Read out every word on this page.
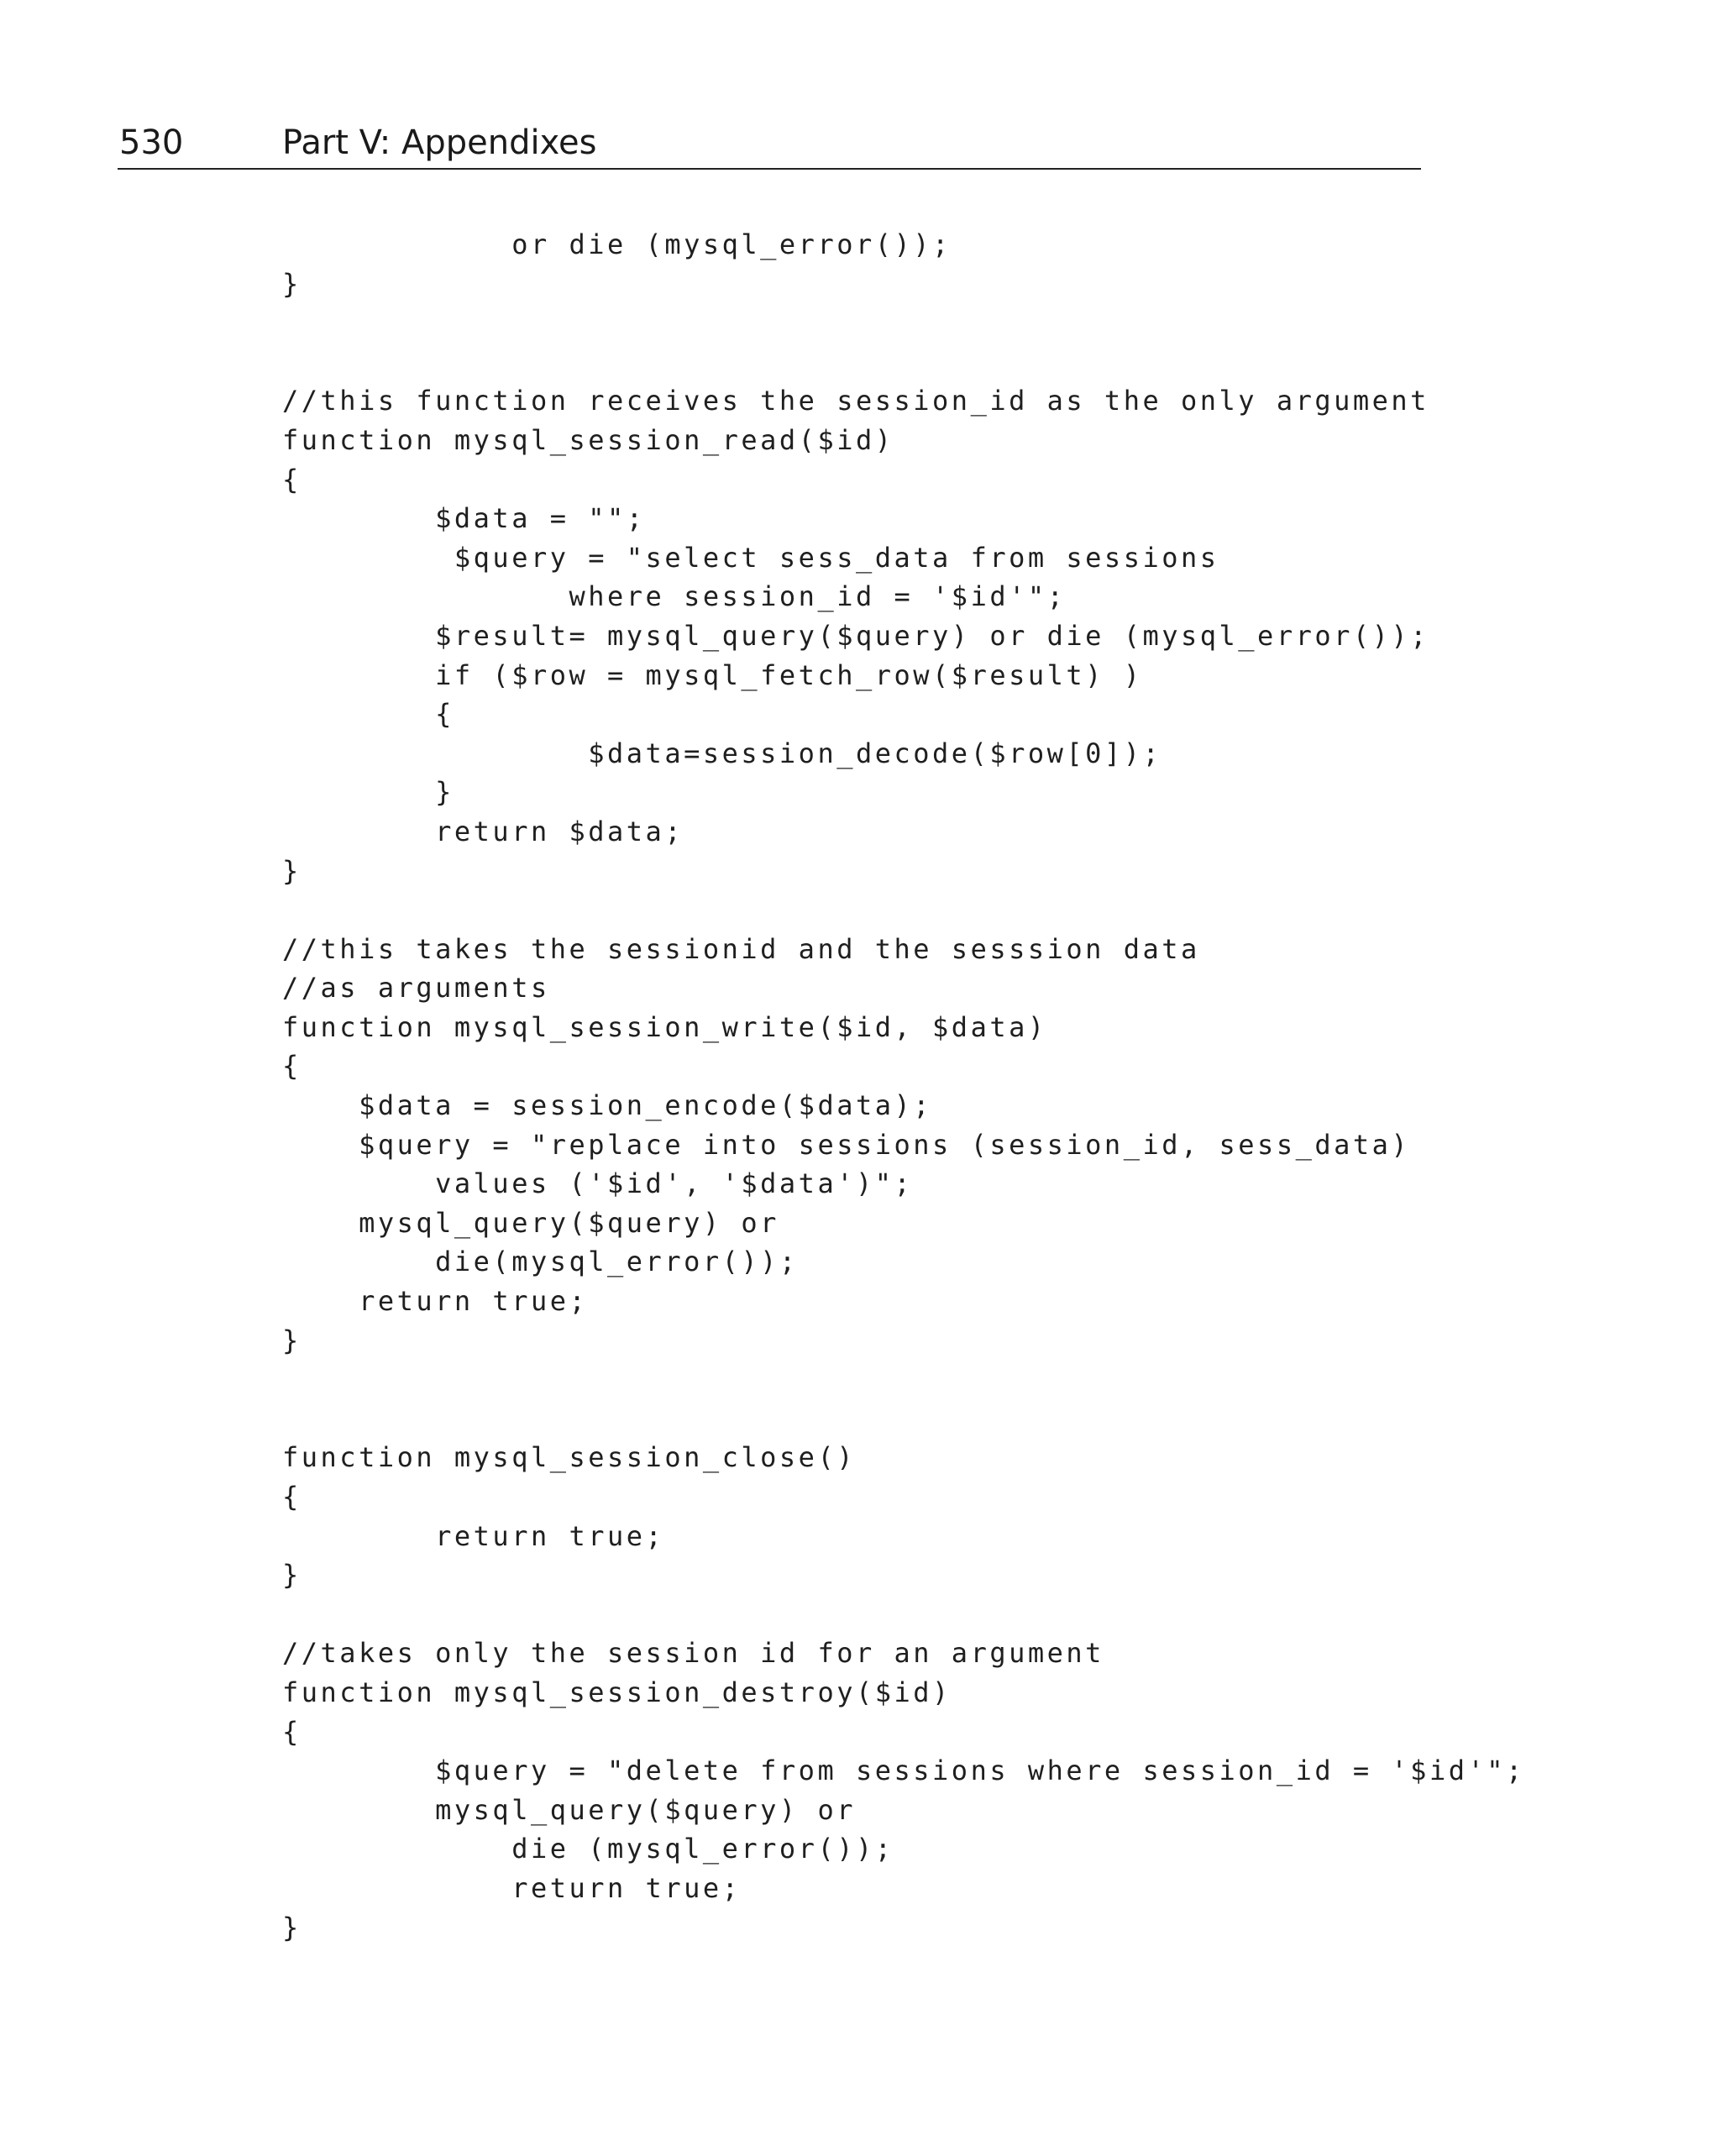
530	Part V: Appendixes
or die (mysql_error());
}
//this function receives the session_id as the only argument
function mysql_session_read($id)
{
$data = "";
$query = "select sess_data from sessions
where session_id = '$id'";
$result= mysql_query($query) or die (mysql_error());
if ($row = mysql_fetch_row($result) )
{
$data=session_decode($row[0]);
}
return $data;
}
//this takes the sessionid and the sesssion data
//as arguments
function mysql_session_write($id, $data)
{
$data = session_encode($data);
$query = "replace into sessions (session_id, sess_data)
values ('$id', '$data')";
mysql_query($query) or
die(mysql_error());
return true;
}
function mysql_session_close()
{
return true;
}
//takes only the session id for an argument
function mysql_session_destroy($id)
{
$query = "delete from sessions where session_id = '$id'";
mysql_query($query) or
die (mysql_error());
return true;
}
